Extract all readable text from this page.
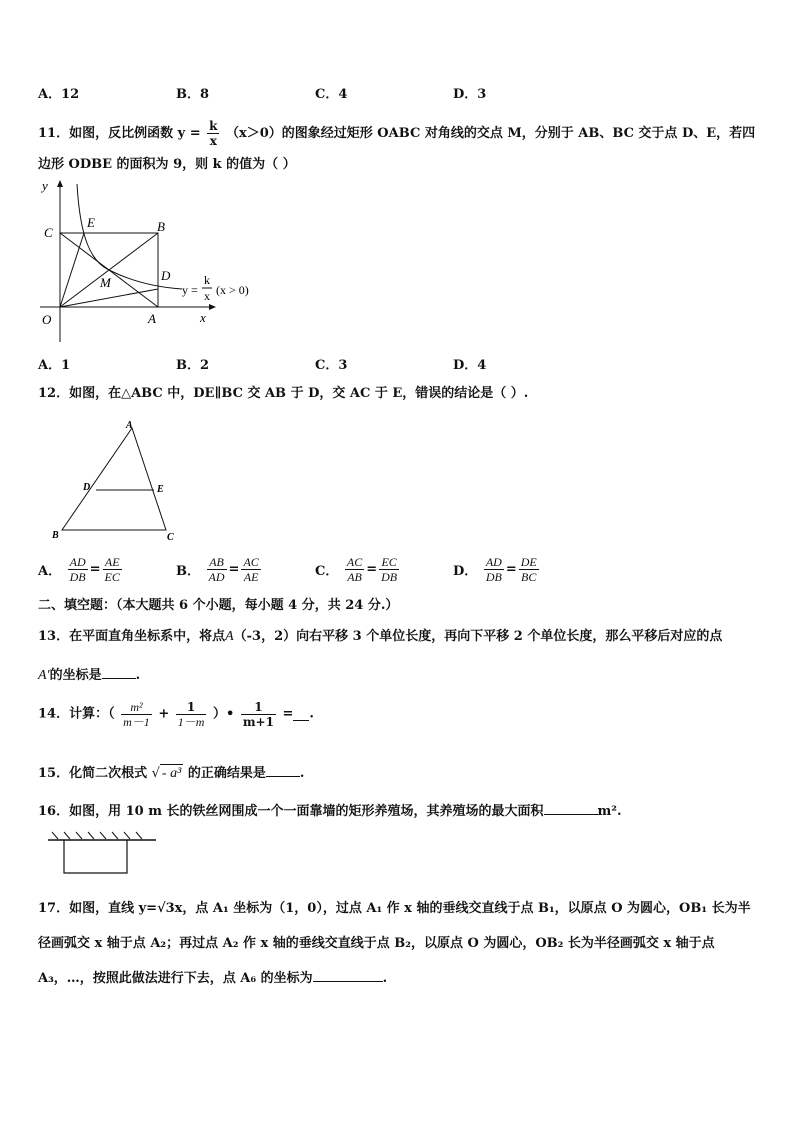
A．12	B．8	C．4	D．3
11．如图，反比例函数 $y = \frac{k}{x} (x>0)$的图象经过矩形 OABC 对角线的交点 M，分别于 AB、BC 交于点 D、E，若四
边形 ODBE 的面积为 9，则 k 的值为（ ）
y
x
O	A
B
C
D
E
M	y =
k
x (x > 0)
A．1	B．2	C．3	D．4
12．如图，在△ABC 中，DE∥BC 交 AB 于 D，交 AC 于 E，错误的结论是（ ）.
A
B	C
D	E
A． $\frac{AD}{DB} = \frac{AE}{EC}$	B． $\frac{AB}{AD} = \frac{AC}{AE}$	C． $\frac{AC}{AB} = \frac{EC}{DB}$	D． $\frac{AD}{DB} = \frac{DE}{BC}$
二、填空题：（本大题共 6 个小题，每小题 4 分，共 24 分.）
13．在平面直角坐标系中，将点A（-3，2）向右平移 3 个单位长度，再向下平移 2 个单位长度，那么平移后对应的点
A′的坐标是	.
14．计算：（ $\frac{\text{m²}}{m-1} + \frac{1}{1-m}$ ）• $\frac{1}{m+1}$ = .
15．化简二次根式 √ - a³ 的正确结果是	.
16．如图，用 10 m 长的铁丝网围成一个一面靠墙的矩形养殖场，其养殖场的最大面积	m².
17．如图，直线 y=√3x，点 A₁ 坐标为（1，0），过点 A₁ 作 x 轴的垂线交直线于点 B₁，以原点 O 为圆心，OB₁ 长为半
径画弧交 x 轴于点 A₂；再过点 A₂ 作 x 轴的垂线交直线于点 B₂，以原点 O 为圆心，OB₂ 长为半径画弧交 x 轴于点
A₃，…，按照此做法进行下去，点 A₆ 的坐标为	.
